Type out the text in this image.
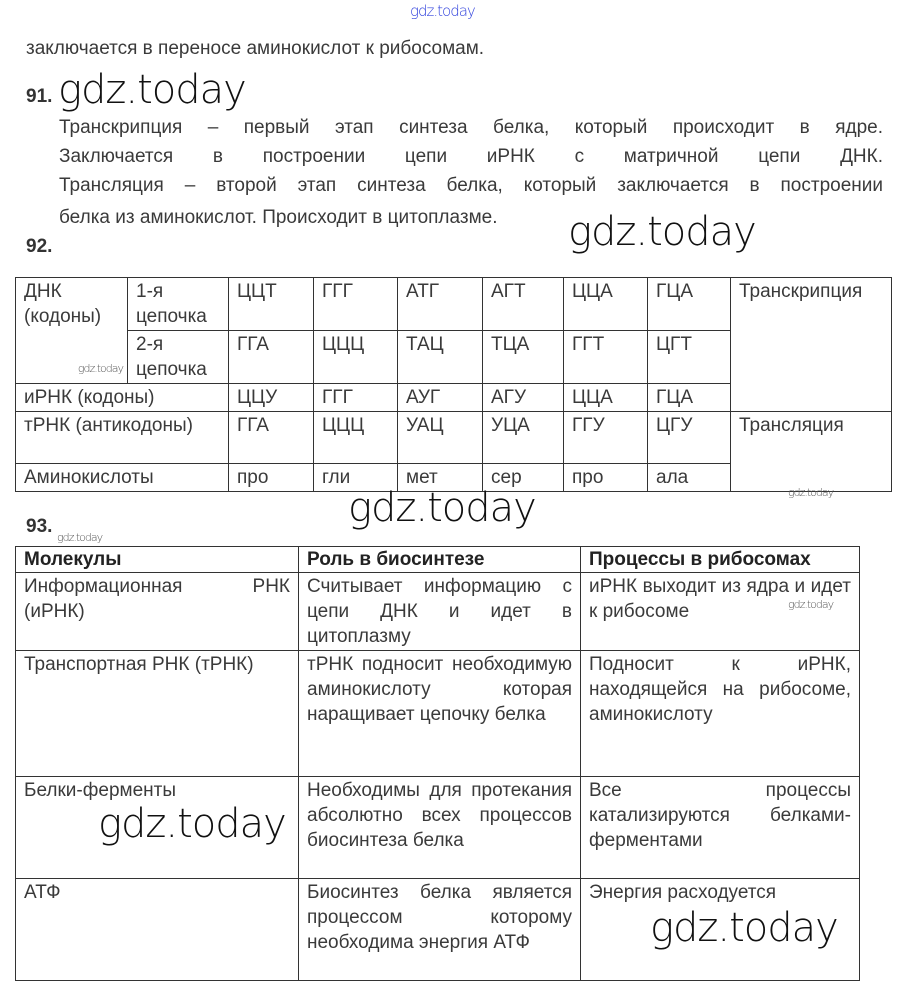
gdz.today
заключается в переносе аминокислот к рибосомам.
91. gdz.today
Транскрипция – первый этап синтеза белка, который происходит в ядре.
Заключается в построении цепи иРНК с матричной цепи ДНК.
Трансляция – второй этап синтеза белка, который заключается в построении
белка из аминокислот. Происходит в цитоплазме.	gdz.today
92.
ДНК (кодоны)
gdz.today	1-я цепочка	ЦЦТ	ГГГ	АТГ	АГТ	ЦЦА	ГЦА	Транскрипция
	2-я цепочка	ГГА	ЦЦЦ	ТАЦ	ТЦА	ГГТ	ЦГТ	
иРНК (кодоны)		ЦЦУ	ГГГ	АУГ	АГУ	ЦЦА	ГЦА	
тРНК (антикодоны)		ГГА	ЦЦЦ	УАЦ	УЦА	ГГУ	ЦГУ	Трансляция
Аминокислоты		про	гли	мет	сер	про	ала	
gdz.today
gdz.today
93.
gdz.today
Молекулы	Роль в биосинтезе	Процессы в рибосомах
Информационная РНК (иРНК)	Считывает информацию с цепи ДНК и идет в цитоплазму	иРНК выходит из ядра и идет к рибосоме
Транспортная РНК (тРНК)	тРНК подносит необходимую аминокислоту которая наращивает цепочку белка	Подносит к иРНК, находящейся на рибосоме, аминокислоту
Белки-ферменты	Необходимы для протекания абсолютно всех процессов биосинтеза белка	Все процессы катализируются белками-ферментами
АТФ	Биосинтез белка является процессом которому необходима энергия АТФ	Энергия расходуется
gdz.today
gdz.today
gdz.today
